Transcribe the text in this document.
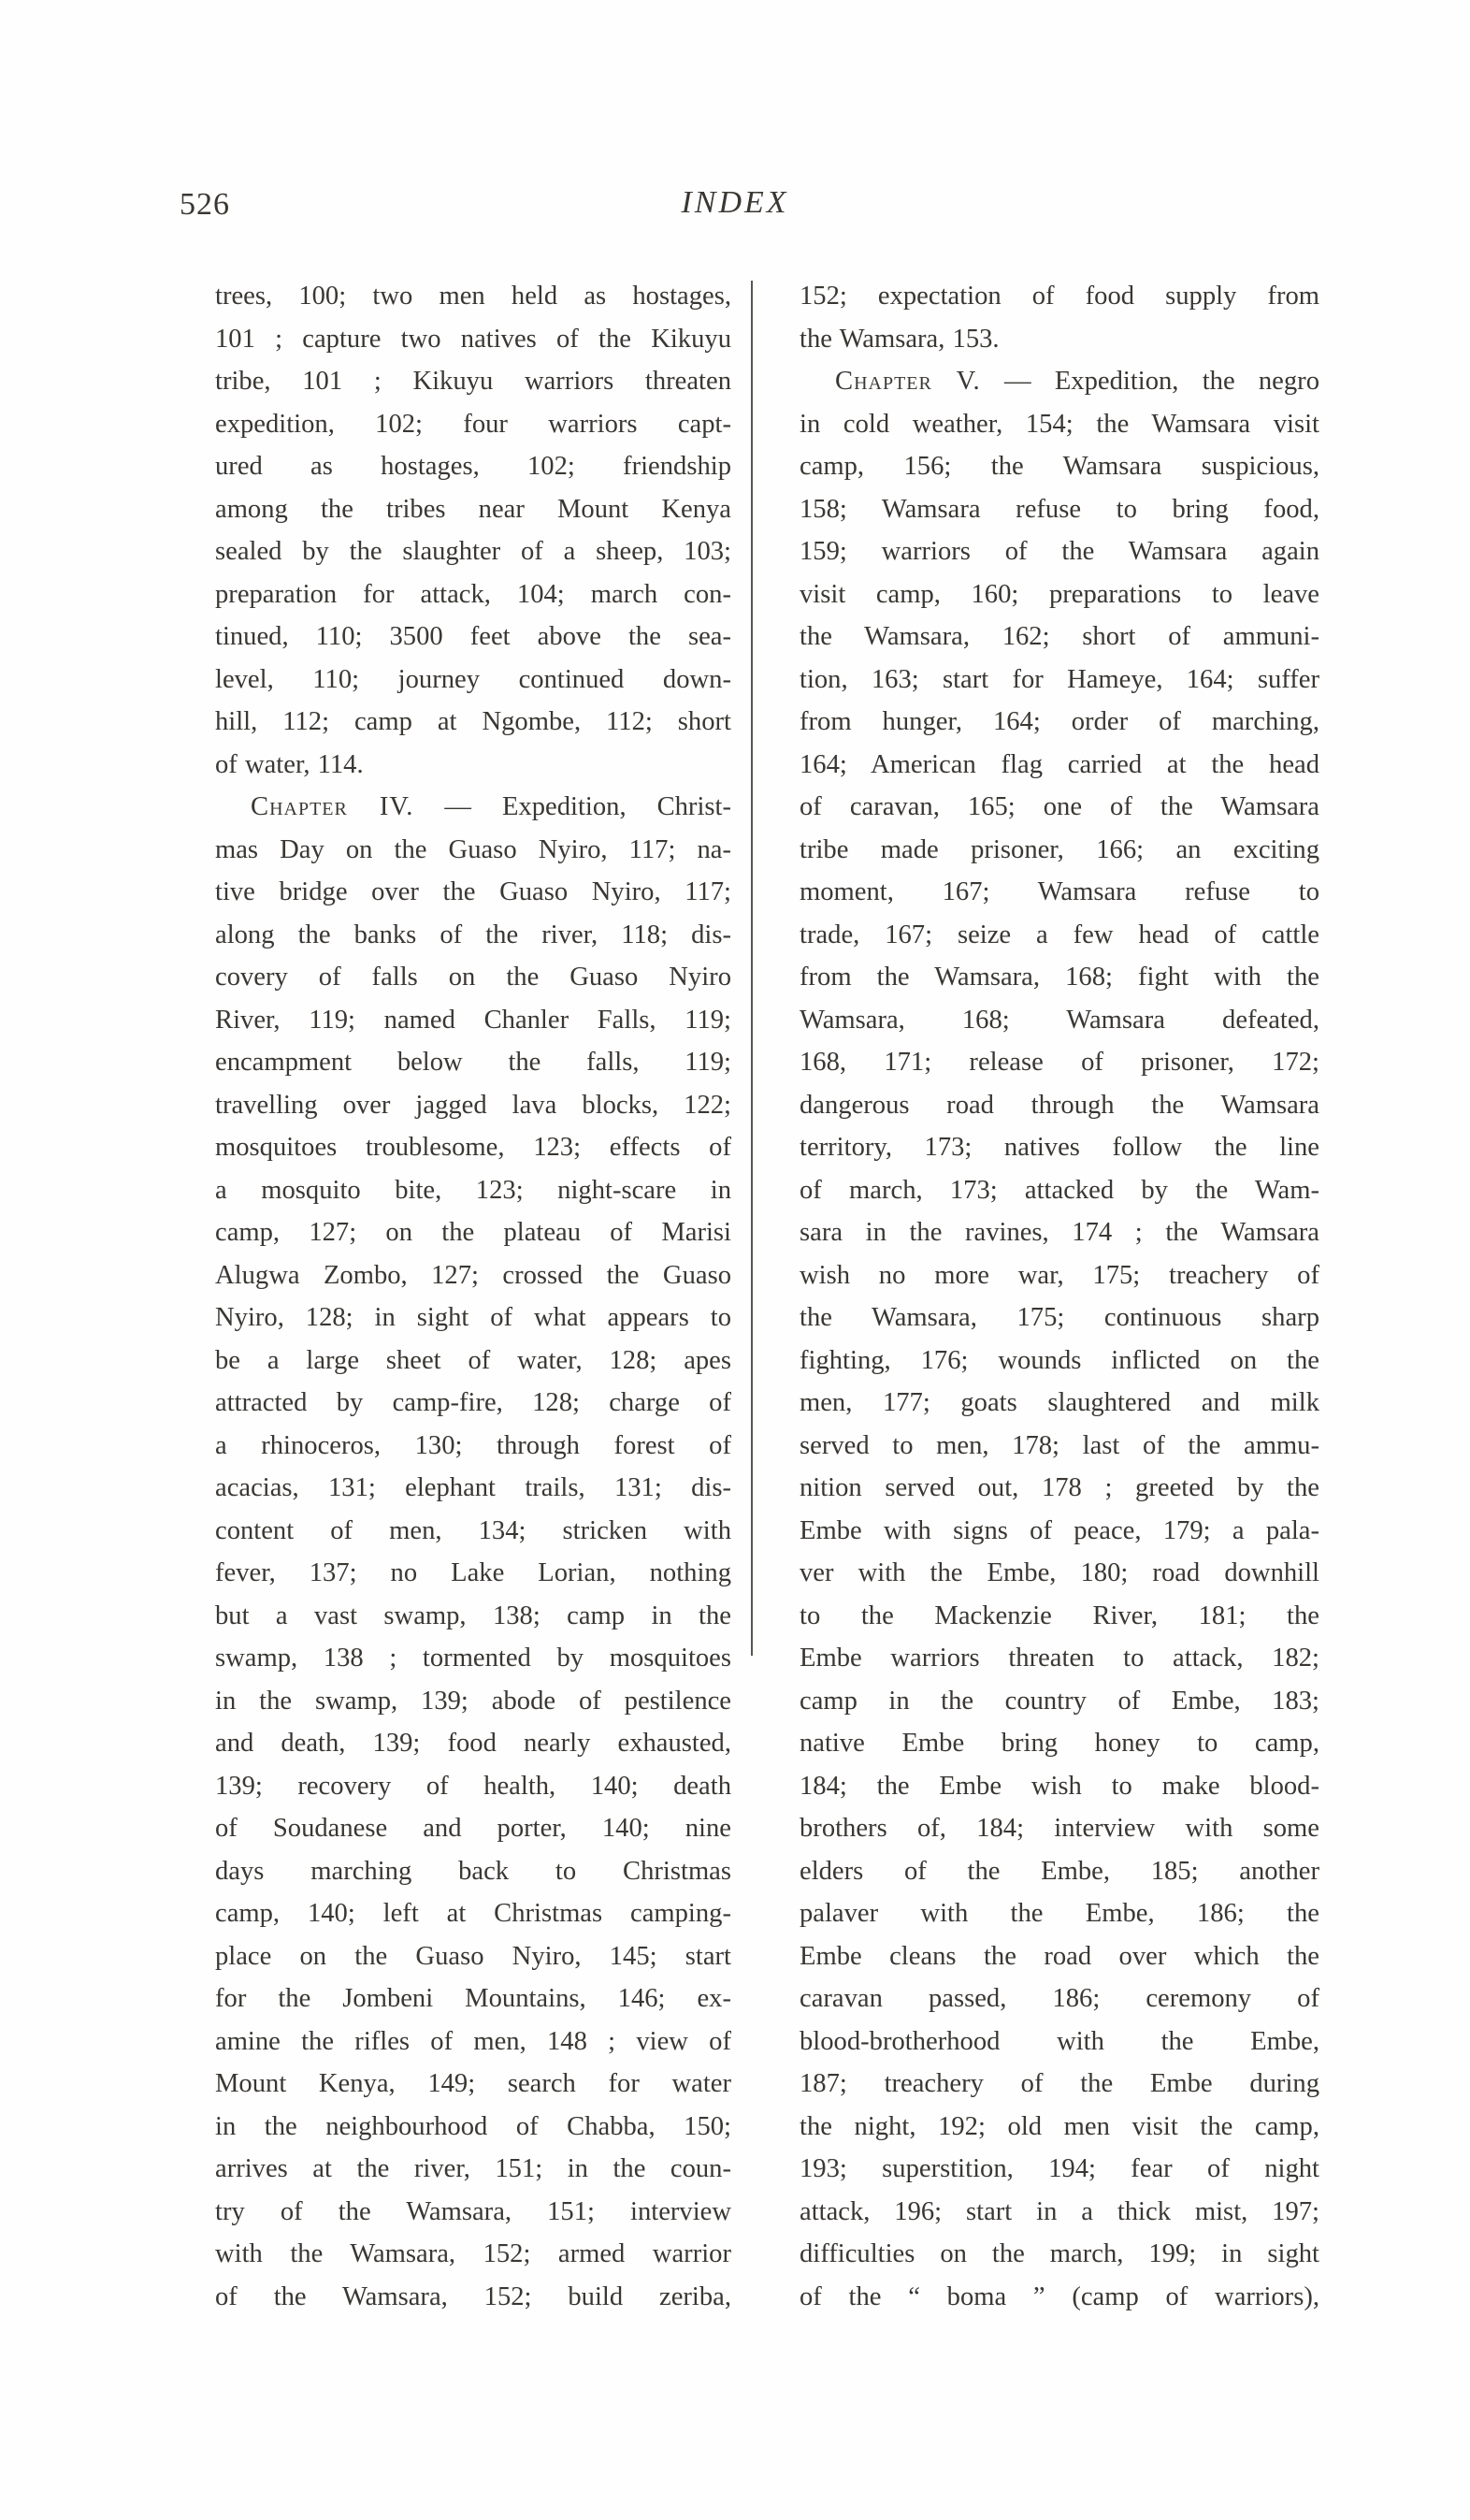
526	INDEX
trees, 100; two men held as hostages,
101 ; capture two natives of the Kikuyu
tribe, 101 ; Kikuyu warriors threaten
expedition, 102; four warriors capt-
ured as hostages, 102; friendship
among the tribes near Mount Kenya
sealed by the slaughter of a sheep, 103;
preparation for attack, 104; march con-
tinued, 110; 3500 feet above the sea-
level, 110; journey continued down-
hill, 112; camp at Ngombe, 112; short
of water, 114.
Chapter IV. — Expedition, Christ-
mas Day on the Guaso Nyiro, 117; na-
tive bridge over the Guaso Nyiro, 117;
along the banks of the river, 118; dis-
covery of falls on the Guaso Nyiro
River, 119; named Chanler Falls, 119;
encampment below the falls, 119;
travelling over jagged lava blocks, 122;
mosquitoes troublesome, 123; effects of
a mosquito bite, 123; night-scare in
camp, 127; on the plateau of Marisi
Alugwa Zombo, 127; crossed the Guaso
Nyiro, 128; in sight of what appears to
be a large sheet of water, 128; apes
attracted by camp-fire, 128; charge of
a rhinoceros, 130; through forest of
acacias, 131; elephant trails, 131; dis-
content of men, 134; stricken with
fever, 137; no Lake Lorian, nothing
but a vast swamp, 138; camp in the
swamp, 138 ; tormented by mosquitoes
in the swamp, 139; abode of pestilence
and death, 139; food nearly exhausted,
139; recovery of health, 140; death
of Soudanese and porter, 140; nine
days marching back to Christmas
camp, 140; left at Christmas camping-
place on the Guaso Nyiro, 145; start
for the Jombeni Mountains, 146; ex-
amine the rifles of men, 148 ; view of
Mount Kenya, 149; search for water
in the neighbourhood of Chabba, 150;
arrives at the river, 151; in the coun-
try of the Wamsara, 151; interview
with the Wamsara, 152; armed warrior
of the Wamsara, 152; build zeriba,
152; expectation of food supply from
the Wamsara, 153.
Chapter V. — Expedition, the negro
in cold weather, 154; the Wamsara visit
camp, 156; the Wamsara suspicious,
158; Wamsara refuse to bring food,
159; warriors of the Wamsara again
visit camp, 160; preparations to leave
the Wamsara, 162; short of ammuni-
tion, 163; start for Hameye, 164; suffer
from hunger, 164; order of marching,
164; American flag carried at the head
of caravan, 165; one of the Wamsara
tribe made prisoner, 166; an exciting
moment, 167; Wamsara refuse to
trade, 167; seize a few head of cattle
from the Wamsara, 168; fight with the
Wamsara, 168; Wamsara defeated,
168, 171; release of prisoner, 172;
dangerous road through the Wamsara
territory, 173; natives follow the line
of march, 173; attacked by the Wam-
sara in the ravines, 174 ; the Wamsara
wish no more war, 175; treachery of
the Wamsara, 175; continuous sharp
fighting, 176; wounds inflicted on the
men, 177; goats slaughtered and milk
served to men, 178; last of the ammu-
nition served out, 178 ; greeted by the
Embe with signs of peace, 179; a pala-
ver with the Embe, 180; road downhill
to the Mackenzie River, 181; the
Embe warriors threaten to attack, 182;
camp in the country of Embe, 183;
native Embe bring honey to camp,
184; the Embe wish to make blood-
brothers of, 184; interview with some
elders of the Embe, 185; another
palaver with the Embe, 186; the
Embe cleans the road over which the
caravan passed, 186; ceremony of
blood-brotherhood with the Embe,
187; treachery of the Embe during
the night, 192; old men visit the camp,
193; superstition, 194; fear of night
attack, 196; start in a thick mist, 197;
difficulties on the march, 199; in sight
of the “ boma ” (camp of warriors),
